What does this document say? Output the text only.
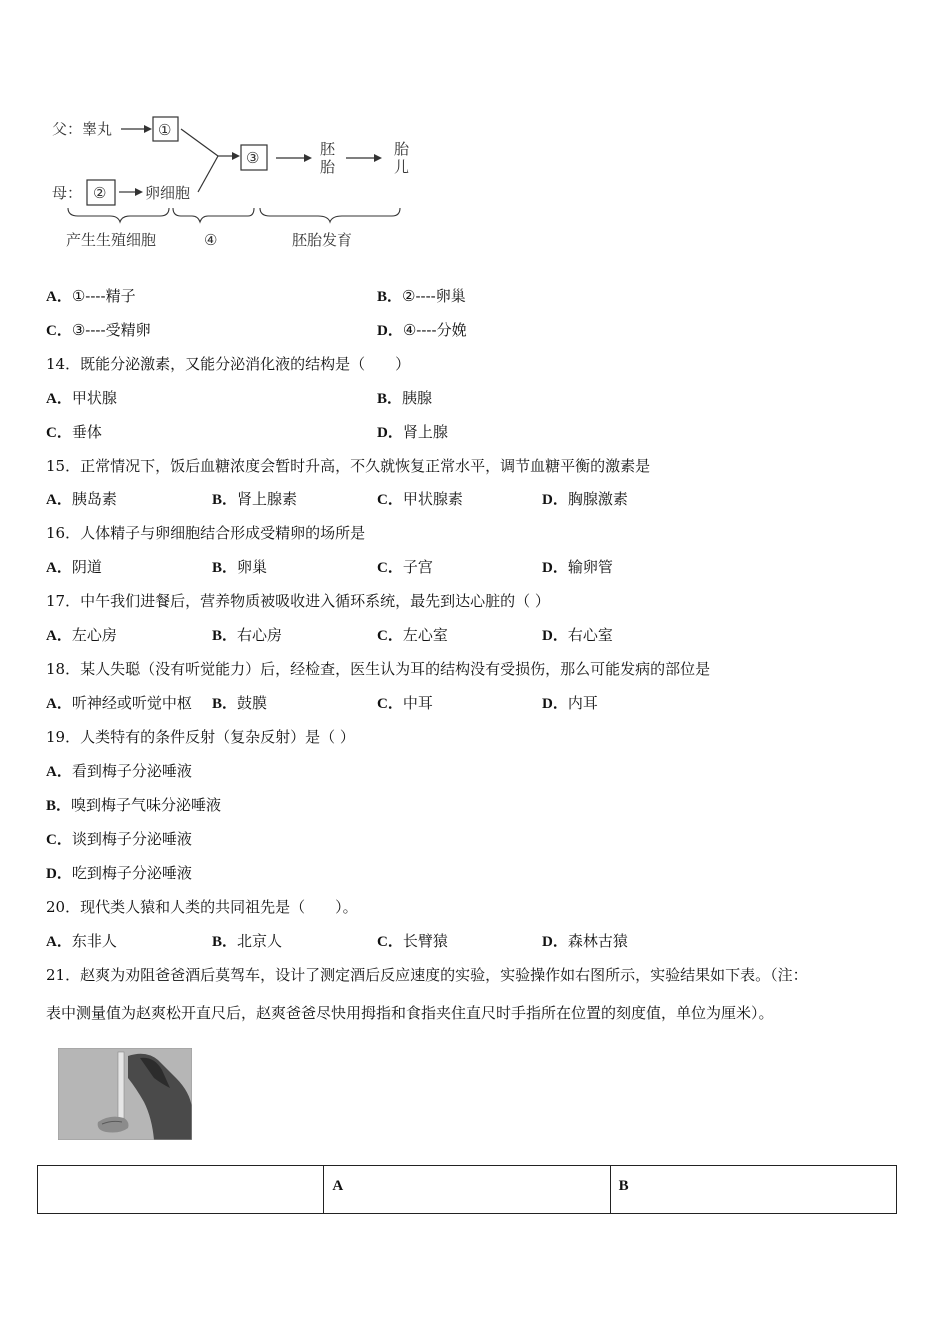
父：睾丸	①
母： ②	卵细胞
③	胚
胎
胎
儿
产生生殖细胞	④	胚胎发育
A．①----精子	B．②----卵巢
C．③----受精卵	D．④----分娩
14．既能分泌激素，又能分泌消化液的结构是（　　）
A．甲状腺	B．胰腺
C．垂体	D．肾上腺
15．正常情况下，饭后血糖浓度会暂时升高，不久就恢复正常水平，调节血糖平衡的激素是
A．胰岛素	B．肾上腺素	C．甲状腺素	D．胸腺激素
16．人体精子与卵细胞结合形成受精卵的场所是
A．阴道	B．卵巢	C．子宫	D．输卵管
17．中午我们进餐后，营养物质被吸收进入循环系统，最先到达心脏的（ ）
A．左心房	B．右心房	C．左心室	D．右心室
18．某人失聪（没有听觉能力）后，经检查，医生认为耳的结构没有受损伤，那么可能发病的部位是
A．听神经或听觉中枢 B．鼓膜	C．中耳	D．内耳
19．人类特有的条件反射（复杂反射）是（ ）
A．看到梅子分泌唾液
B．嗅到梅子气味分泌唾液
C．谈到梅子分泌唾液
D．吃到梅子分泌唾液
20．现代类人猿和人类的共同祖先是（　　）。
A．东非人	B．北京人	C．长臂猿	D．森林古猿
21．赵爽为劝阻爸爸酒后莫驾车，设计了测定酒后反应速度的实验，实验操作如右图所示，实验结果如下表。（注：
表中测量值为赵爽松开直尺后，赵爽爸爸尽快用拇指和食指夹住直尺时手指所在位置的刻度值，单位为厘米）。
	A	B
